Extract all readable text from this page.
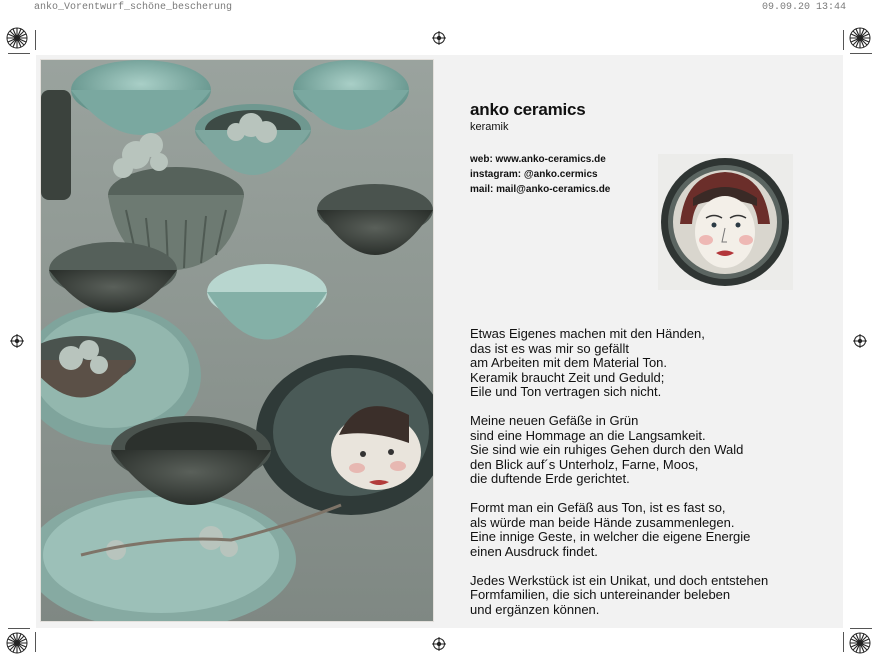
anko_Vorentwurf_schöne_bescherung	09.09.20 13:44
anko ceramics
keramik
web: www.anko-ceramics.de
instagram: @anko.cermics
mail: mail@anko-ceramics.de

Etwas Eigenes machen mit den Händen,
das ist es was mir so gefällt
am Arbeiten mit dem Material Ton.
Keramik braucht Zeit und Geduld;
Eile und Ton vertragen sich nicht.

Meine neuen Gefäße in Grün
sind eine Hommage an die Langsamkeit.
Sie sind wie ein ruhiges Gehen durch den Wald
den Blick auf´s Unterholz, Farne, Moos,
die duftende Erde gerichtet.

Formt man ein Gefäß aus Ton, ist es fast so,
als würde man beide Hände zusammenlegen.
Eine innige Geste, in welcher die eigene Energie
einen Ausdruck findet.

Jedes Werkstück ist ein Unikat, und doch entstehen
Formfamilien, die sich untereinander beleben
und ergänzen können.
